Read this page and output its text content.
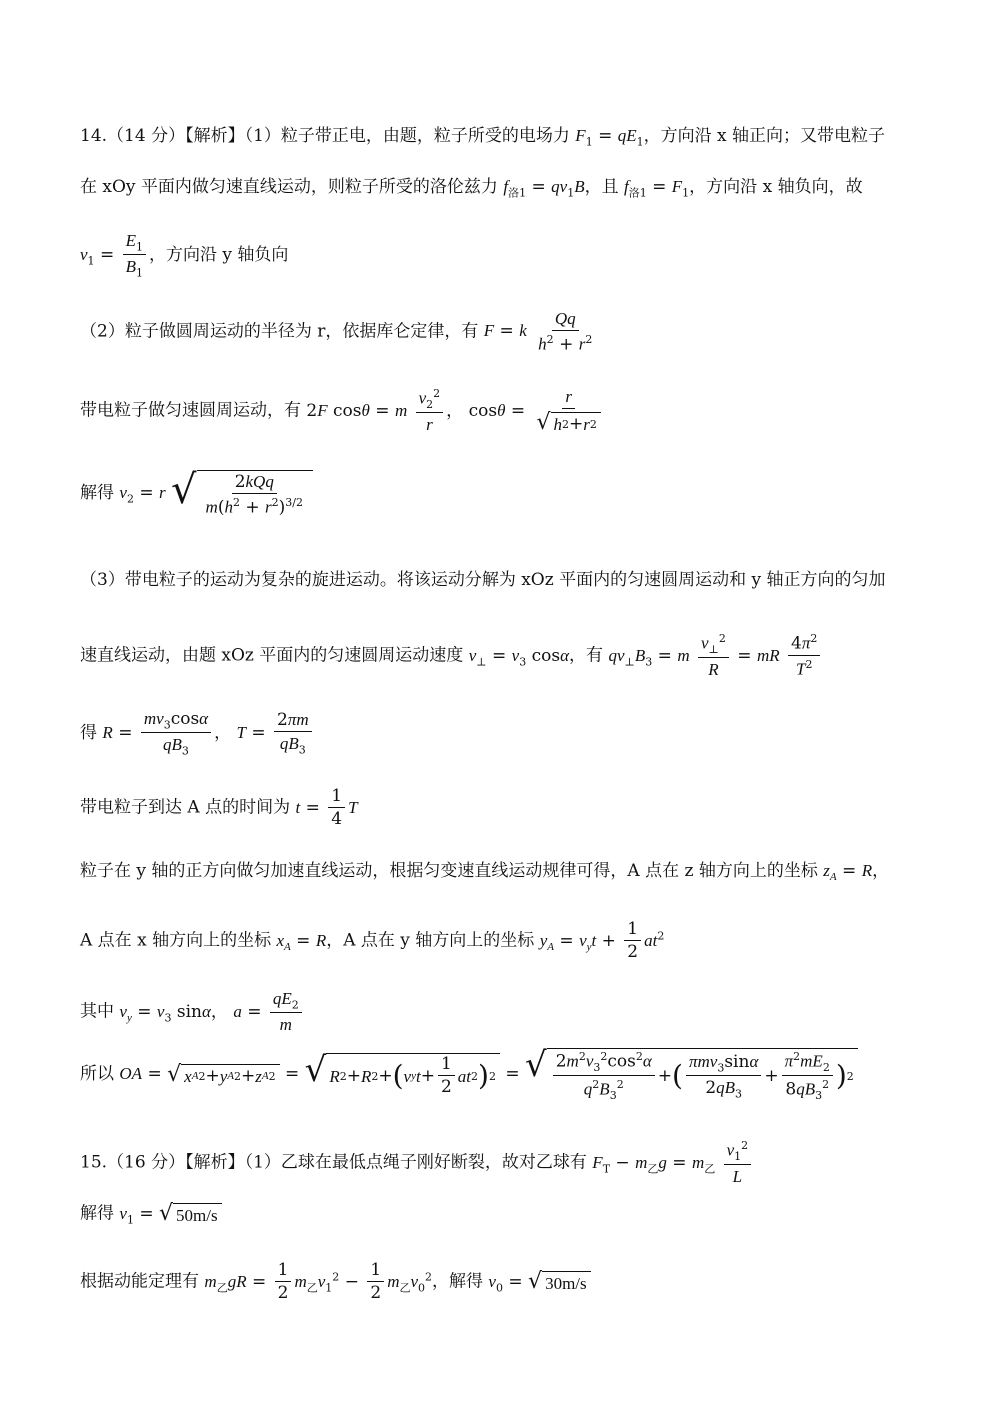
14.（14 分）【解析】（1）粒子带正电，由题，粒子所受的电场力 $F_1 = qE_1$，方向沿 x 轴正向；又带电粒子
在 xOy 平面内做匀速直线运动，则粒子所受的洛伦兹力 $f_{洛1} = qv_1B$，且 $f_{洛1} = F_1$，方向沿 x 轴负向，故
$v_1 = \frac{E_1}{B_1}$ ，方向沿 y 轴负向
（2）粒子做圆周运动的半径为 r，依据库仑定律，有 F = k $\frac{Qq}{h^2 + r^2}$
带电粒子做匀速圆周运动，有 2F cosθ = m $\frac{v_2^2}{r}$ ， $\cos\theta = \frac{r}{√ h 2 + r 2}$
解得 $v_2 = r$ √ $\frac{\text{2kQq}}{m(h^2 + r^2)^{3/2}}$
（3）带电粒子的运动为复杂的旋进运动。将该运动分解为 xOz 平面内的匀速圆周运动和 y 轴正方向的匀加
速直线运动，由题 xOz 平面内的匀速圆周运动速度 $v_\perp = v_3$ cosα，有 $qv_\perp B_3 = m \frac{v_\perp^2}{R}$ = mR $\frac{4\pi^2}{T^2}$
得 $R = \frac{mv_3\cos\alpha}{qB_3}$ ， $T = \frac{2\pi m}{qB_3}$
带电粒子到达 A 点的时间为 $t = \frac{1}{4}$ T
粒子在 y 轴的正方向做匀加速直线运动，根据匀变速直线运动规律可得，A 点在 z 轴方向上的坐标 $z_A = R$，
A 点在 x 轴方向上的坐标 $x_A = R$，A 点在 y 轴方向上的坐标 $y_A = v_yt + \frac{1}{2} at^2$
其中 $v_y = v_3$ sinα， $a = \frac{qE_2}{m}$
所以 OA = √ x A 2 + y A 2 + z A 2 = √ R 2 + R 2 + ( v y $t + \frac{1}{2}$ at 2 ) 2 = √ $\frac{2m^2v_3^2\cos^2\alpha}{q^2B_3^2}$ + ( $\frac{\pi mv_3\sin\alpha}{2qB_3} + \frac{\pi^2mE_2}{8qB_3^2}$ ) 2
15.（16 分）【解析】（1）乙球在最低点绳子刚好断裂，故对乙球有 $F_T - m_乙g = m_乙 \frac{v_1^2}{L}$
解得 $v_1$ = √ 50m/s
根据动能定理有 $m_乙gR = \frac{1}{2} m_乙v_1^2 - \frac{1}{2} m_乙v_0^2$，解得 $v_0$ = √ 30m/s
